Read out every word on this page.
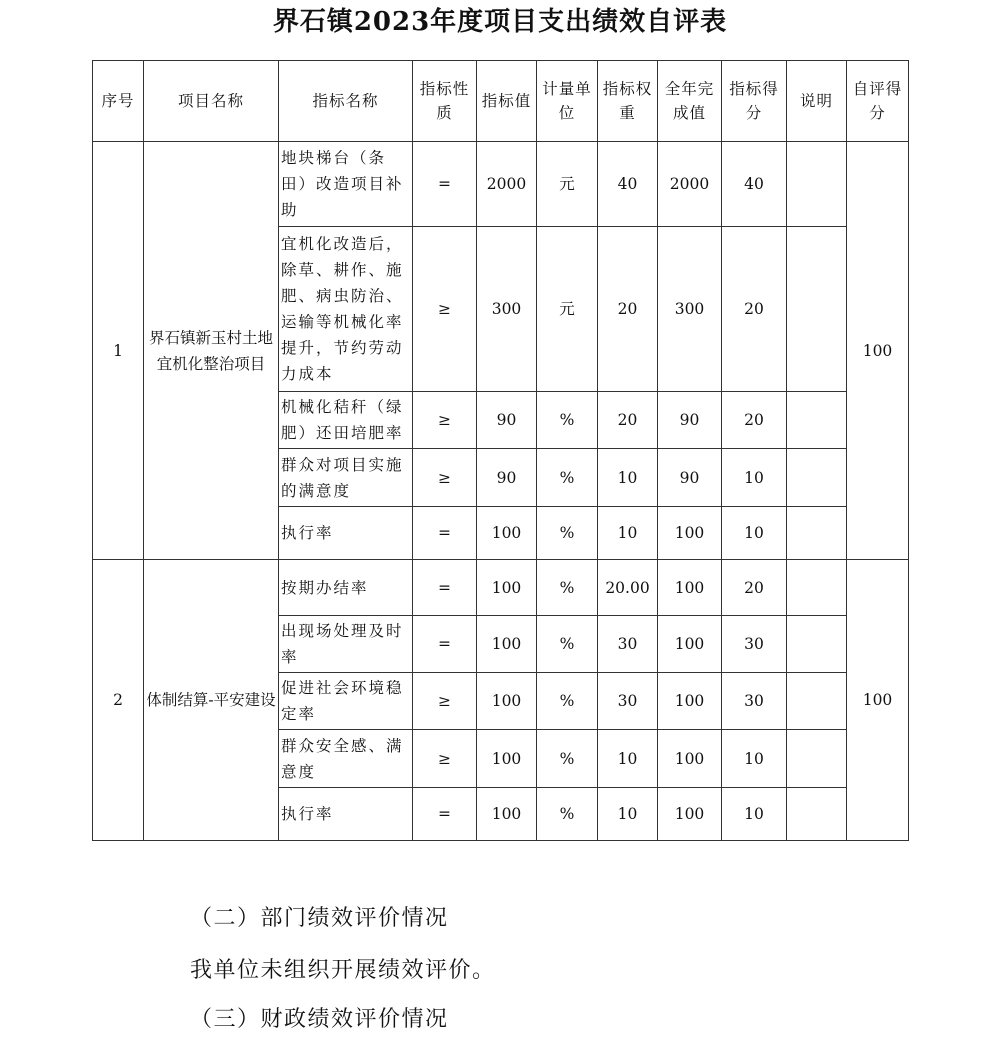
界石镇2023年度项目支出绩效自评表
序号	项目名称	指标名称	指标性质	指标值	计量单位	指标权重	全年完成值	指标得分	说明	自评得分
1	界石镇新玉村土地宜机化整治项目	地块梯台（条田）改造项目补助	=	2000	元	40	2000	40		100
		宜机化改造后，除草、耕作、施肥、病虫防治、运输等机械化率提升，节约劳动力成本	≥	300	元	20	300	20		
		机械化秸秆（绿肥）还田培肥率	≥	90	%	20	90	20		
		群众对项目实施的满意度	≥	90	%	10	90	10		
		执行率	=	100	%	10	100	10		
2	体制结算-平安建设	按期办结率	=	100	%	20.00	100	20		100
		出现场处理及时率	=	100	%	30	100	30		
		促进社会环境稳定率	≥	100	%	30	100	30		
		群众安全感、满意度	≥	100	%	10	100	10		
		执行率	=	100	%	10	100	10		
（二）部门绩效评价情况
我单位未组织开展绩效评价。
（三）财政绩效评价情况
